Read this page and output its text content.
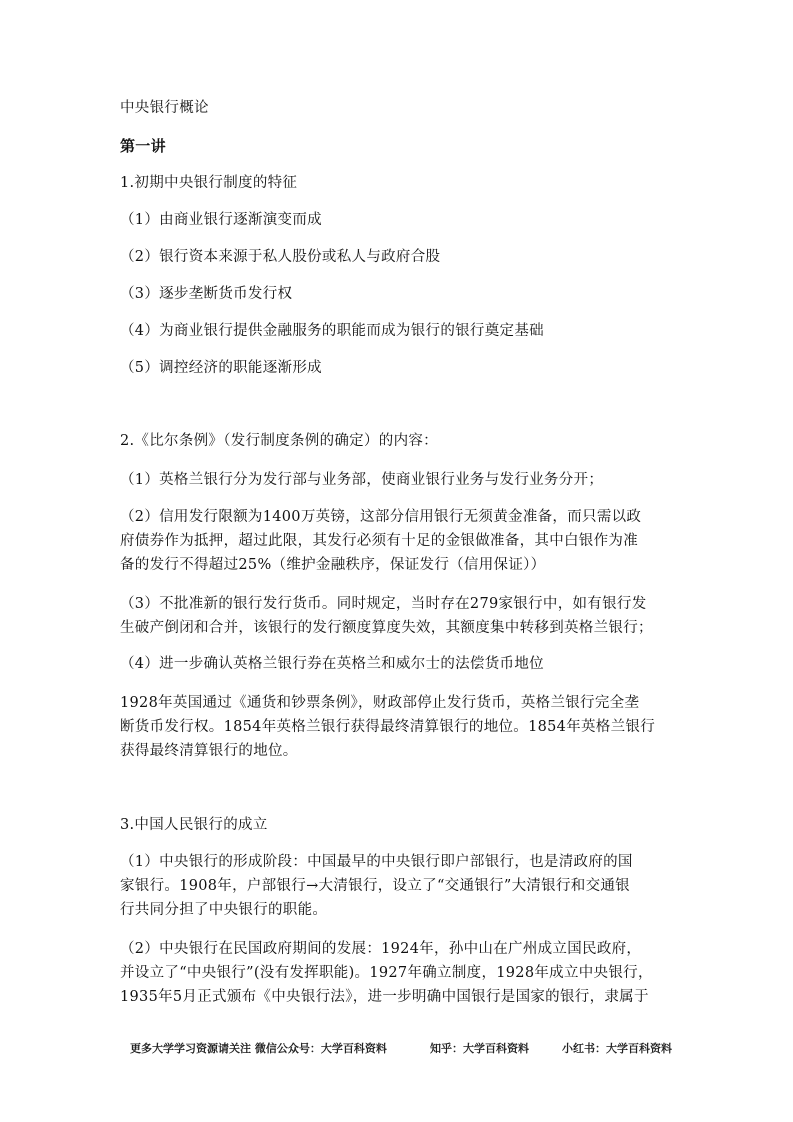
中央银行概论
第一讲
1.初期中央银行制度的特征
（1）由商业银行逐渐演变而成
（2）银行资本来源于私人股份或私人与政府合股
（3）逐步垄断货币发行权
（4）为商业银行提供金融服务的职能而成为银行的银行奠定基础
（5）调控经济的职能逐渐形成
2.《比尔条例》（发行制度条例的确定）的内容：
（1）英格兰银行分为发行部与业务部，使商业银行业务与发行业务分开；
（2）信用发行限额为1400万英镑，这部分信用银行无须黄金准备，而只需以政
府债券作为抵押，超过此限，其发行必须有十足的金银做准备，其中白银作为准
备的发行不得超过25%（维护金融秩序，保证发行（信用保证））
（3）不批准新的银行发行货币。同时规定，当时存在279家银行中，如有银行发
生破产倒闭和合并，该银行的发行额度算度失效，其额度集中转移到英格兰银行；
（4）进一步确认英格兰银行券在英格兰和威尔士的法偿货币地位
1928年英国通过《通货和钞票条例》，财政部停止发行货币，英格兰银行完全垄
断货币发行权。1854年英格兰银行获得最终清算银行的地位。1854年英格兰银行
获得最终清算银行的地位。
3.中国人民银行的成立
（1）中央银行的形成阶段：中国最早的中央银行即户部银行，也是清政府的国
家银行。1908年，户部银行→大清银行，设立了“交通银行”大清银行和交通银
行共同分担了中央银行的职能。
（2）中央银行在民国政府期间的发展：1924年，孙中山在广州成立国民政府，
并设立了“中央银行”(没有发挥职能)。1927年确立制度，1928年成立中央银行，
1935年5月正式颁布《中央银行法》，进一步明确中国银行是国家的银行，隶属于
更多大学学习资源请关注 微信公众号：大学百科资料	知乎：大学百科资料	小红书：大学百科资料
